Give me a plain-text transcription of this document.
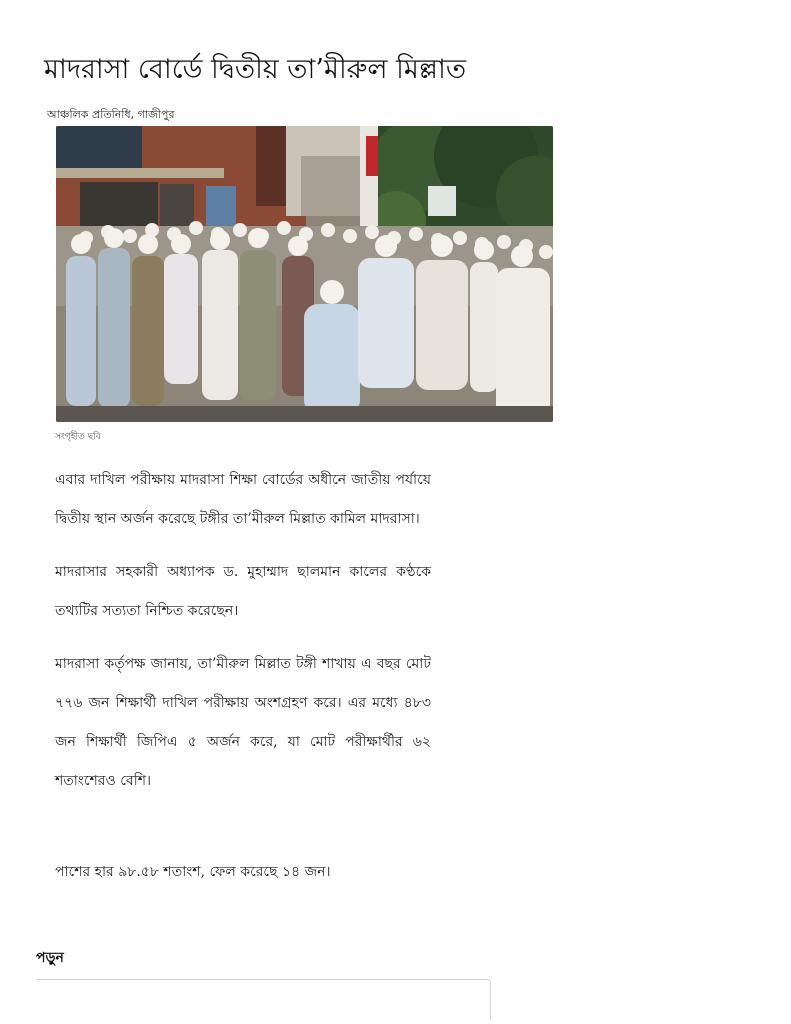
মাদরাসা বোর্ডে দ্বিতীয় তা’মীরুল মিল্লাত
আঞ্চলিক প্রতিনিধি, গাজীপুর
সংগৃহীত ছবি

এবার দাখিল পরীক্ষায় মাদরাসা শিক্ষা বোর্ডের অধীনে জাতীয় পর্যায়ে দ্বিতীয় স্থান অর্জন করেছে টঙ্গীর তা’মীরুল মিল্লাত কামিল মাদরাসা।

মাদরাসার সহকারী অধ্যাপক ড. মুহাম্মাদ ছালমান কালের কণ্ঠকে তথ্যটির সত্যতা নিশ্চিত করেছেন।

মাদরাসা কর্তৃপক্ষ জানায়, তা’মীরুল মিল্লাত টঙ্গী শাখায় এ বছর মোট ৭৭৬ জন শিক্ষার্থী দাখিল পরীক্ষায় অংশগ্রহণ করে। এর মধ্যে ৪৮৩ জন শিক্ষার্থী জিপিএ ৫ অর্জন করে, যা মোট পরীক্ষার্থীর ৬২ শতাংশেরও বেশি।

পাশের হার ৯৮.৫৮ শতাংশ, ফেল করেছে ১৪ জন।

পড়ুন
